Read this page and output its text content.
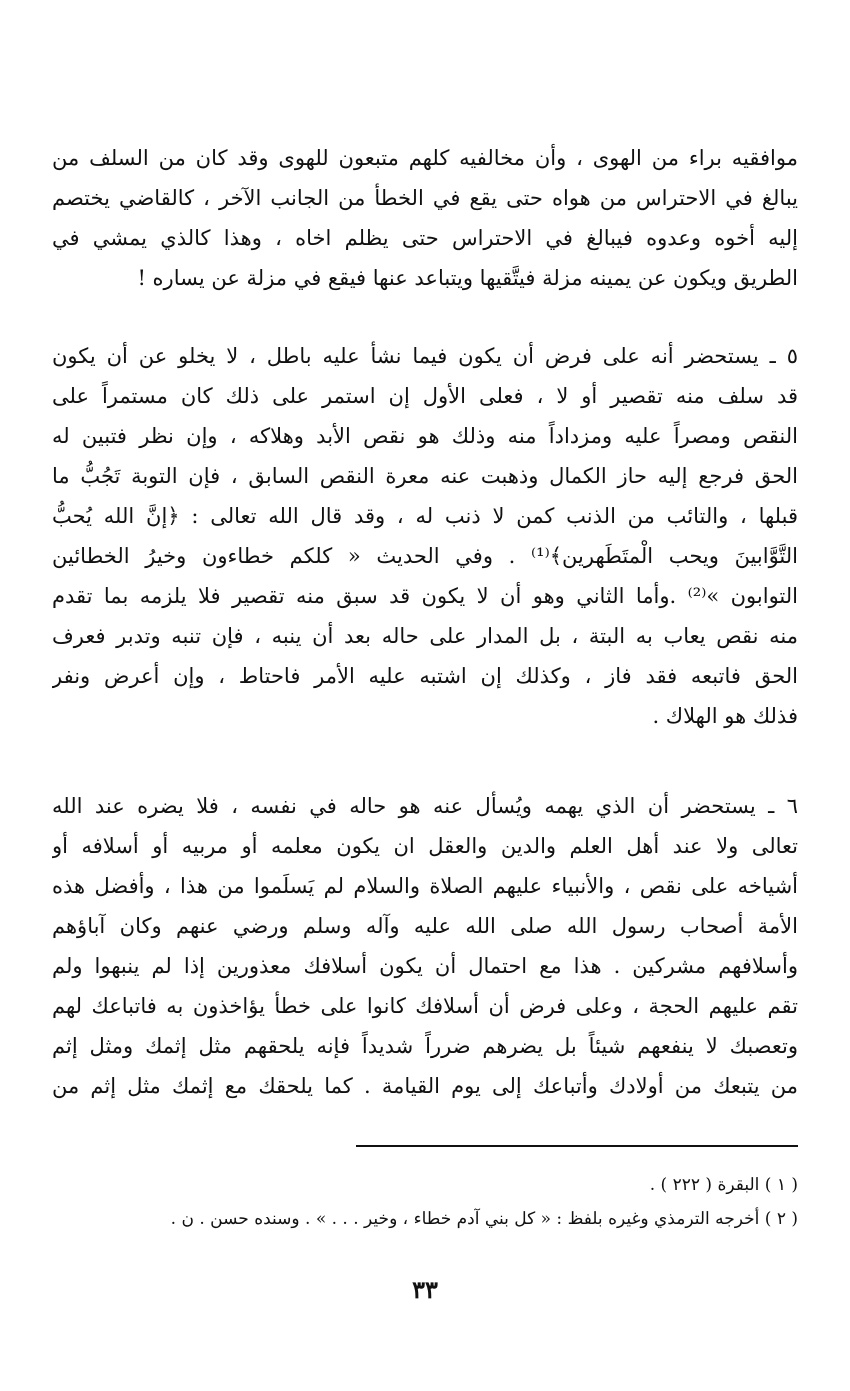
موافقيه براء من الهوى ، وأن مخالفيه كلهم متبعون للهوى وقد كان من السلف من
يبالغ في الاحتراس من هواه حتى يقع في الخطأ من الجانب الآخر ، كالقاضي يختصم
إليه أخوه وعدوه فيبالغ في الاحتراس حتى يظلم اخاه ، وهذا كالذي يمشي في
الطريق ويكون عن يمينه مزلة فيتَّقيها ويتباعد عنها فيقع في مزلة عن يساره !
٥ ـ يستحضر أنه على فرض أن يكون فيما نشأ عليه باطل ، لا يخلو عن أن يكون
قد سلف منه تقصير أو لا ، فعلى الأول إن استمر على ذلك كان مستمراً على
النقص ومصراً عليه ومزداداً منه وذلك هو نقص الأبد وهلاكه ، وإن نظر فتبين له
الحق فرجع إليه حاز الكمال وذهبت عنه معرة النقص السابق ، فإن التوبة تَجُبُّ ما
قبلها ، والتائب من الذنب كمن لا ذنب له ، وقد قال الله تعالى : ﴿إنَّ الله يُحبُّ
التَّوَّابينَ ويحب الْمتَطَهرين﴾⁽¹⁾ . وفي الحديث « كلكم خطاءون وخيرُ الخطائين
التوابون »⁽²⁾ .وأما الثاني وهو أن لا يكون قد سبق منه تقصير فلا يلزمه بما تقدم
منه نقص يعاب به البتة ، بل المدار على حاله بعد أن ينبه ، فإن تنبه وتدبر فعرف
الحق فاتبعه فقد فاز ، وكذلك إن اشتبه عليه الأمر فاحتاط ، وإن أعرض ونفر
فذلك هو الهلاك .
٦ ـ يستحضر أن الذي يهمه ويُسأل عنه هو حاله في نفسه ، فلا يضره عند الله
تعالى ولا عند أهل العلم والدين والعقل ان يكون معلمه أو مربيه أو أسلافه أو
أشياخه على نقص ، والأنبياء عليهم الصلاة والسلام لم يَسلَموا من هذا ، وأفضل هذه
الأمة أصحاب رسول الله صلى الله عليه وآله وسلم ورضي عنهم وكان آباؤهم
وأسلافهم مشركين . هذا مع احتمال أن يكون أسلافك معذورين إذا لم ينبهوا ولم
تقم عليهم الحجة ، وعلى فرض أن أسلافك كانوا على خطأ يؤاخذون به فاتباعك لهم
وتعصبك لا ينفعهم شيئاً بل يضرهم ضرراً شديداً فإنه يلحقهم مثل إثمك ومثل إثم
من يتبعك من أولادك وأتباعك إلى يوم القيامة . كما يلحقك مع إثمك مثل إثم من
( ١ ) البقرة ( ٢٢٢ ) .
( ٢ ) أخرجه الترمذي وغيره بلفظ : « كل بني آدم خطاء ، وخير . . . » . وسنده حسن . ن .
٣٣
